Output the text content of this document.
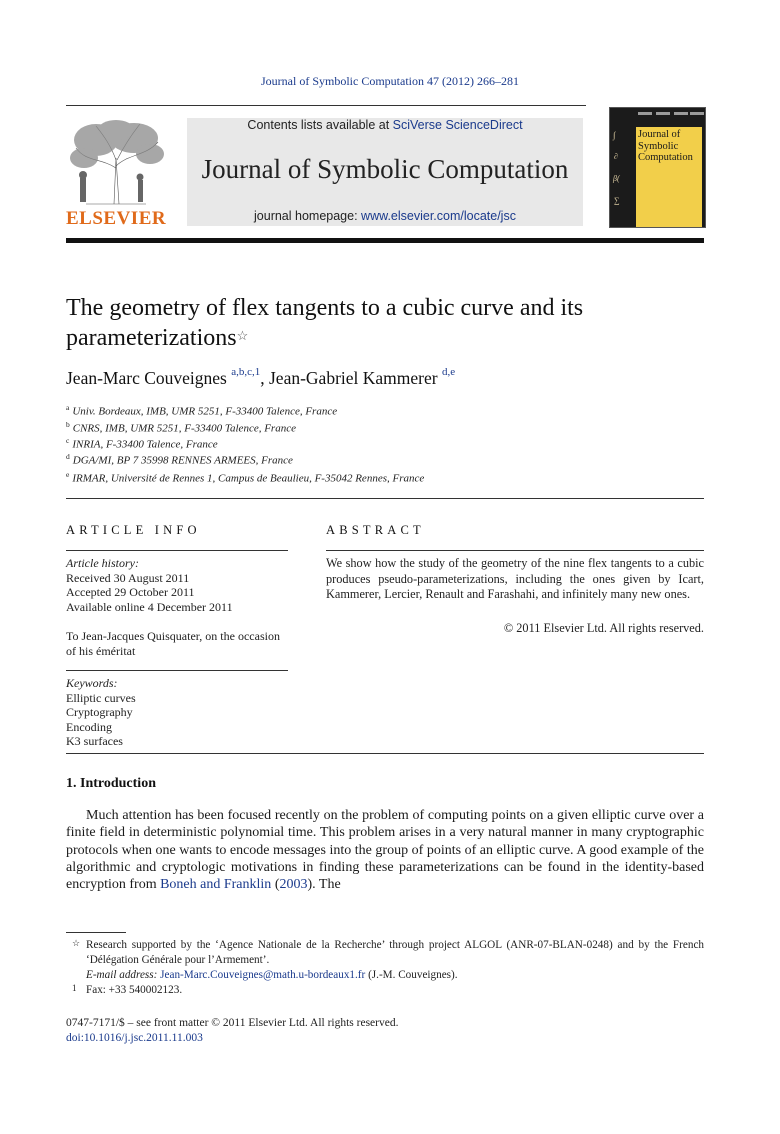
Journal of Symbolic Computation 47 (2012) 266–281
ELSEVIER
Contents lists available at SciVerse ScienceDirect
Journal of Symbolic Computation
journal homepage: www.elsevier.com/locate/jsc
∫
∂
β(
∑
Journal of Symbolic Computation
The geometry of flex tangents to a cubic curve and its
parameterizations☆
Jean-Marc Couveignes $^{a,b,c,1}$, Jean-Gabriel Kammerer $^{d,e}$
$^a$ Univ. Bordeaux, IMB, UMR 5251, F-33400 Talence, France
$^b$ CNRS, IMB, UMR 5251, F-33400 Talence, France
$^c$ INRIA, F-33400 Talence, France
$^d$ DGA/MI, BP 7 35998 RENNES ARMEES, France
$^e$ IRMAR, Université de Rennes 1, Campus de Beaulieu, F-35042 Rennes, France
ARTICLE INFO
Article history:
Received 30 August 2011
Accepted 29 October 2011
Available online 4 December 2011
To Jean-Jacques Quisquater, on the occasion of his éméritat
Keywords:
Elliptic curves
Cryptography
Encoding
K3 surfaces
ABSTRACT
We show how the study of the geometry of the nine flex tangents to a cubic produces pseudo-parameterizations, including the ones given by Icart, Kammerer, Lercier, Renault and Farashahi, and infinitely many new ones.
© 2011 Elsevier Ltd. All rights reserved.
1. Introduction

Much attention has been focused recently on the problem of computing points on a given elliptic curve over a finite field in deterministic polynomial time. This problem arises in a very natural manner in many cryptographic protocols when one wants to encode messages into the group of points of an elliptic curve. A good example of the algorithmic and cryptologic motivations in finding these parameterizations can be found in the identity-based encryption from Boneh and Franklin (2003). The

☆ Research supported by the ‘Agence Nationale de la Recherche’ through project ALGOL (ANR-07-BLAN-0248) and by the French ‘Délégation Générale pour l’Armement’.
E-mail address: Jean-Marc.Couveignes@math.u-bordeaux1.fr (J.-M. Couveignes).
1 Fax: +33 540002123.
0747-7171/$ – see front matter © 2011 Elsevier Ltd. All rights reserved.
doi:10.1016/j.jsc.2011.11.003
